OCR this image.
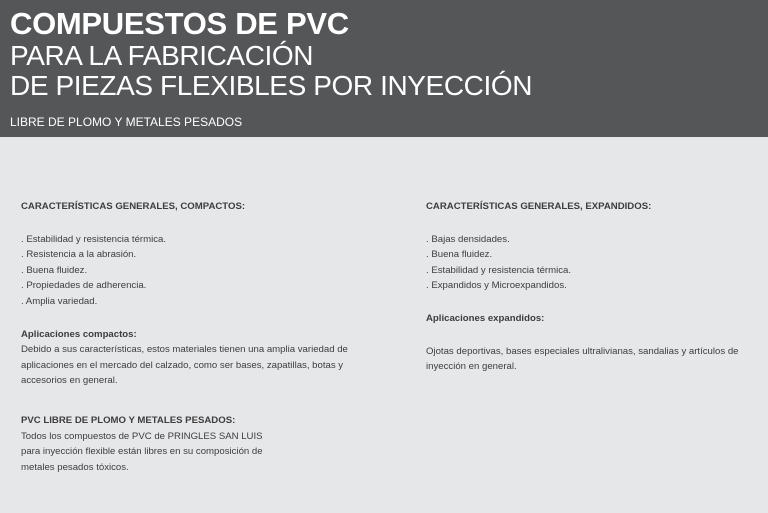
COMPUESTOS DE PVC
PARA LA FABRICACIÓN
DE PIEZAS FLEXIBLES POR INYECCIÓN
LIBRE DE PLOMO Y METALES PESADOS
CARACTERÍSTICAS GENERALES, COMPACTOS:
. Estabilidad y resistencia térmica.
. Resistencia a la abrasión.
. Buena fluidez.
. Propiedades de adherencia.
. Amplia variedad.
Aplicaciones compactos:

Debido a sus características, estos materiales tienen una amplia variedad de

aplicaciones en el mercado del calzado, como ser bases, zapatillas, botas y

accesorios en general.

PVC LIBRE DE PLOMO Y METALES PESADOS:

Todos los compuestos de PVC de PRINGLES SAN LUIS

para inyección flexible están libres en su composición de

metales pesados tóxicos.

CARACTERÍSTICAS GENERALES, EXPANDIDOS:
. Bajas densidades.
. Buena fluidez.
. Estabilidad y resistencia térmica.
. Expandidos y Microexpandidos.
Aplicaciones expandidos:

Ojotas deportivas, bases especiales ultralivianas, sandalias y artículos de

inyección en general.
